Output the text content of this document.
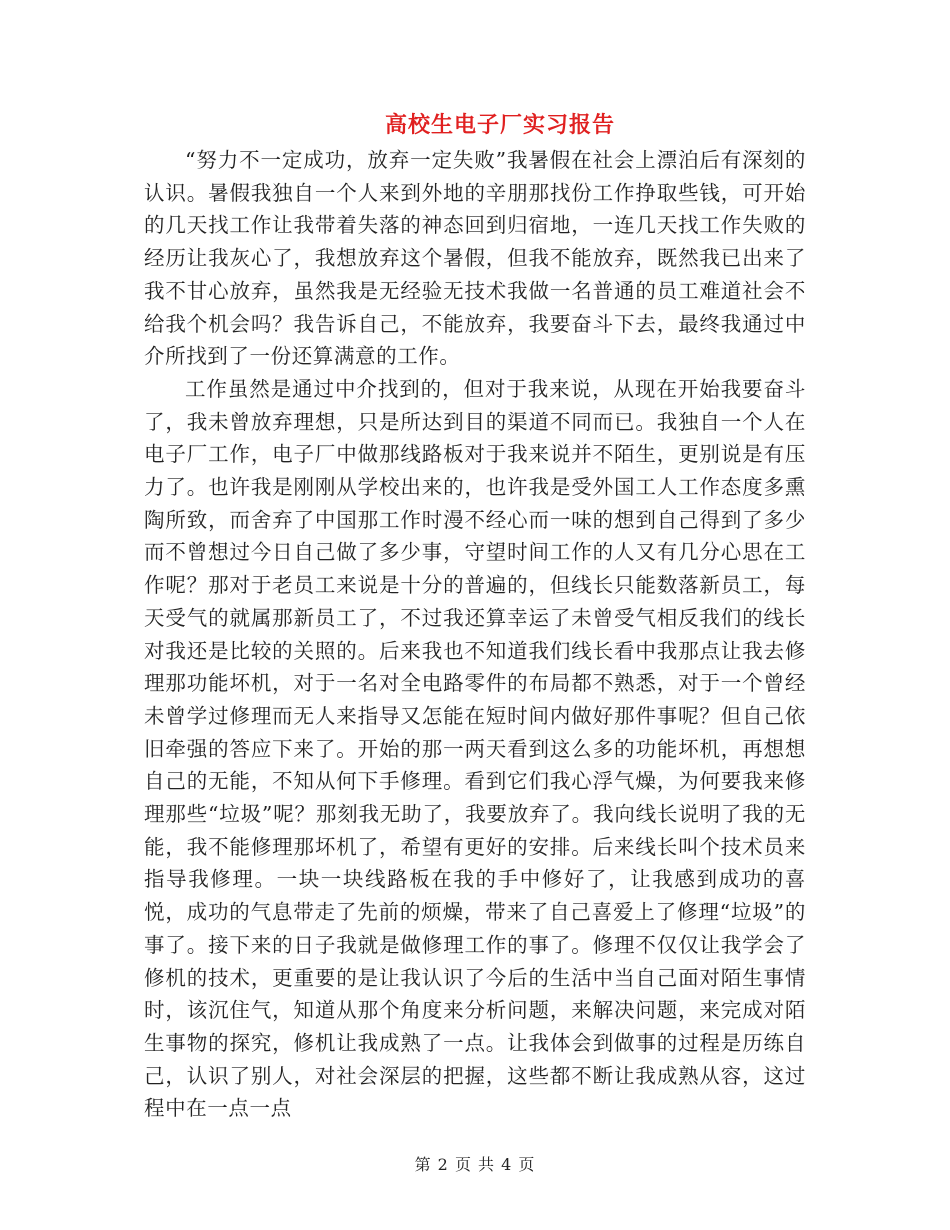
高校生电子厂实习报告

“努力不一定成功，放弃一定失败”我暑假在社会上漂泊后有深刻的认识。暑假我独自一个人来到外地的辛朋那找份工作挣取些钱，可开始的几天找工作让我带着失落的神态回到归宿地，一连几天找工作失败的经历让我灰心了，我想放弃这个暑假，但我不能放弃，既然我已出来了我不甘心放弃，虽然我是无经验无技术我做一名普通的员工难道社会不给我个机会吗？我告诉自己，不能放弃，我要奋斗下去，最终我通过中介所找到了一份还算满意的工作。

工作虽然是通过中介找到的，但对于我来说，从现在开始我要奋斗了，我未曾放弃理想，只是所达到目的渠道不同而已。我独自一个人在电子厂工作，电子厂中做那线路板对于我来说并不陌生，更别说是有压力了。也许我是刚刚从学校出来的，也许我是受外国工人工作态度多熏陶所致，而舍弃了中国那工作时漫不经心而一味的想到自己得到了多少而不曾想过今日自己做了多少事，守望时间工作的人又有几分心思在工作呢？那对于老员工来说是十分的普遍的，但线长只能数落新员工，每天受气的就属那新员工了，不过我还算幸运了未曾受气相反我们的线长对我还是比较的关照的。后来我也不知道我们线长看中我那点让我去修理那功能坏机，对于一名对全电路零件的布局都不熟悉，对于一个曾经未曾学过修理而无人来指导又怎能在短时间内做好那件事呢？但自己依旧牵强的答应下来了。开始的那一两天看到这么多的功能坏机，再想想自己的无能，不知从何下手修理。看到它们我心浮气燥，为何要我来修理那些“垃圾”呢？那刻我无助了，我要放弃了。我向线长说明了我的无能，我不能修理那坏机了，希望有更好的安排。后来线长叫个技术员来指导我修理。一块一块线路板在我的手中修好了，让我感到成功的喜悦，成功的气息带走了先前的烦燥，带来了自己喜爱上了修理“垃圾”的事了。接下来的日子我就是做修理工作的事了。修理不仅仅让我学会了修机的技术，更重要的是让我认识了今后的生活中当自己面对陌生事情时，该沉住气，知道从那个角度来分析问题，来解决问题，来完成对陌生事物的探究，修机让我成熟了一点。让我体会到做事的过程是历练自己，认识了别人，对社会深层的把握，这些都不断让我成熟从容，这过程中在一点一点

第 2 页 共 4 页
